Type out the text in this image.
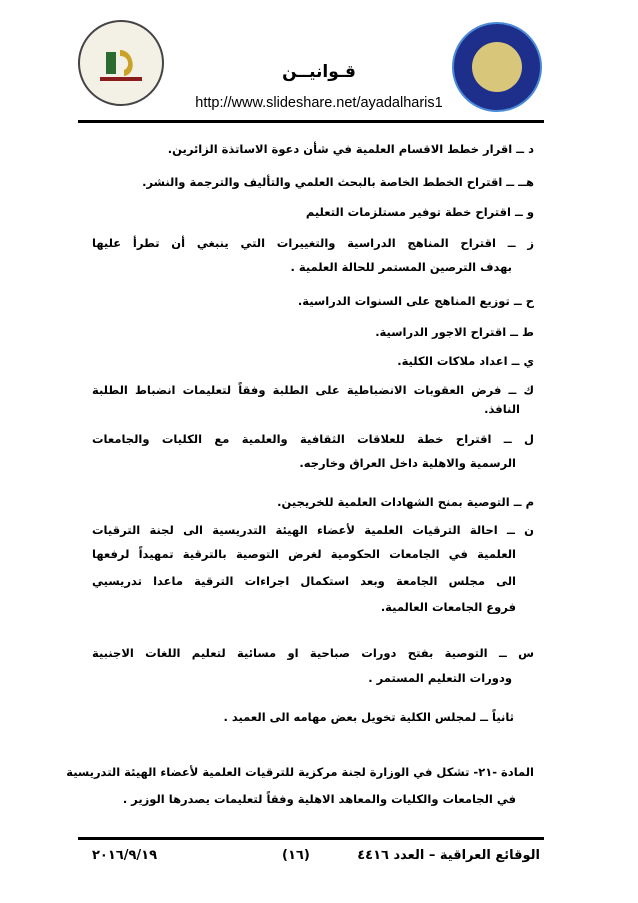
قـوانيــن
http://www.slideshare.net/ayadalharis1
د ــ اقرار خطط الاقسام العلمية في شأن دعوة الاساتذة الزائرين.
هــ ــ اقتراح الخطط الخاصة بالبحث العلمي والتأليف والترجمة والنشر.
و ــ اقتراح خطة توفير مستلزمات التعليم
ز ــ اقتراح المناهج الدراسية والتغييرات التي ينبغي أن تطرأ عليها
بهدف الترصين المستمر للحالة العلمية .
ح ــ توزيع المناهج على السنوات الدراسية.
ط ــ اقتراح الاجور الدراسية.
ي ــ اعداد ملاكات الكلية.
ك ــ فرض العقوبات الانضباطية على الطلبة وفقاً لتعليمات انضباط الطلبة
النافذ.
ل ــ اقتراح خطة للعلاقات الثقافية والعلمية مع الكليات والجامعات
الرسمية والاهلية داخل العراق وخارجه.
م ــ التوصية بمنح الشهادات العلمية للخريجين.
ن ــ احالة الترقيات العلمية لأعضاء الهيئة التدريسية الى لجنة الترقيات
العلمية في الجامعات الحكومية لغرض التوصية بالترقية تمهيداً لرفعها
الى مجلس الجامعة وبعد استكمال اجراءات الترقية ماعدا تدريسيي
فروع الجامعات العالمية.
س ــ التوصية بفتح دورات صباحية او مسائية لتعليم اللغات الاجنبية
ودورات التعليم المستمر .
ثانياً ــ لمجلس الكلية تخويل بعض مهامه الى العميد .
المادة -٢١- تشكل في الوزارة لجنة مركزية للترقيات العلمية لأعضاء الهيئة التدريسية
في الجامعات والكليات والمعاهد الاهلية وفقاً لتعليمات يصدرها الوزير .
٢٠١٦/٩/١٩	(١٦)	الوقائع العراقية – العدد ٤٤١٦
